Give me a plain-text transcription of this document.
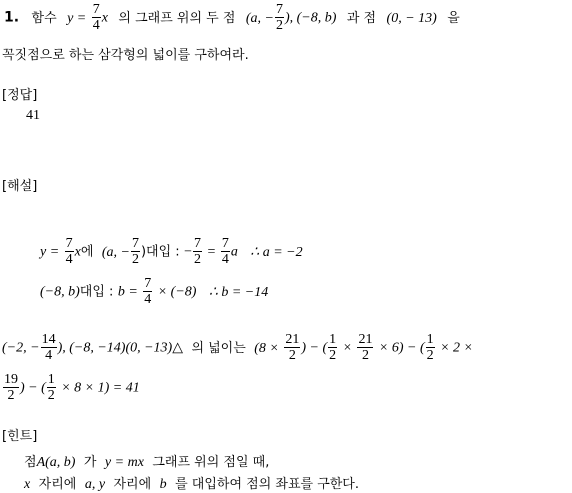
1. 함수 $y = \frac{7}{4}$ x 의 그래프 위의 두 점 (a, − $\frac{7}{2}$ ), (−8, b) 과 점 (0, − 13) 을
꼭짓점으로 하는 삼각형의 넓이를 구하여라.
[정답]
41
[해설]
$y = \frac{7}{4}$ x에 (a, − $\frac{7}{2}$ )대입 : − $\frac{7}{2} = \frac{7}{4}$ a ∴ a = −2
(−8, b)대입 : $b = \frac{7}{4} \times (-8)$ ∴ b = −14
(−2, − $\frac{14}{4}$ ), (−8, −14)(0, −13)△ 의 넓이는 ($8 \times \frac{21}{2}$ ) − ( $\frac{1}{2} \times \frac{21}{2} \times 6$) − ( $\frac{1}{2} \times 2$ ×
$\frac{19}{2}$ ) − ( $\frac{1}{2} \times 8 \times 1) = 41$
[힌트]
점A(a, b) 가 y = mx 그래프 위의 점일 때,
x 자리에 a, y 자리에 b 를 대입하여 점의 좌표를 구한다.
